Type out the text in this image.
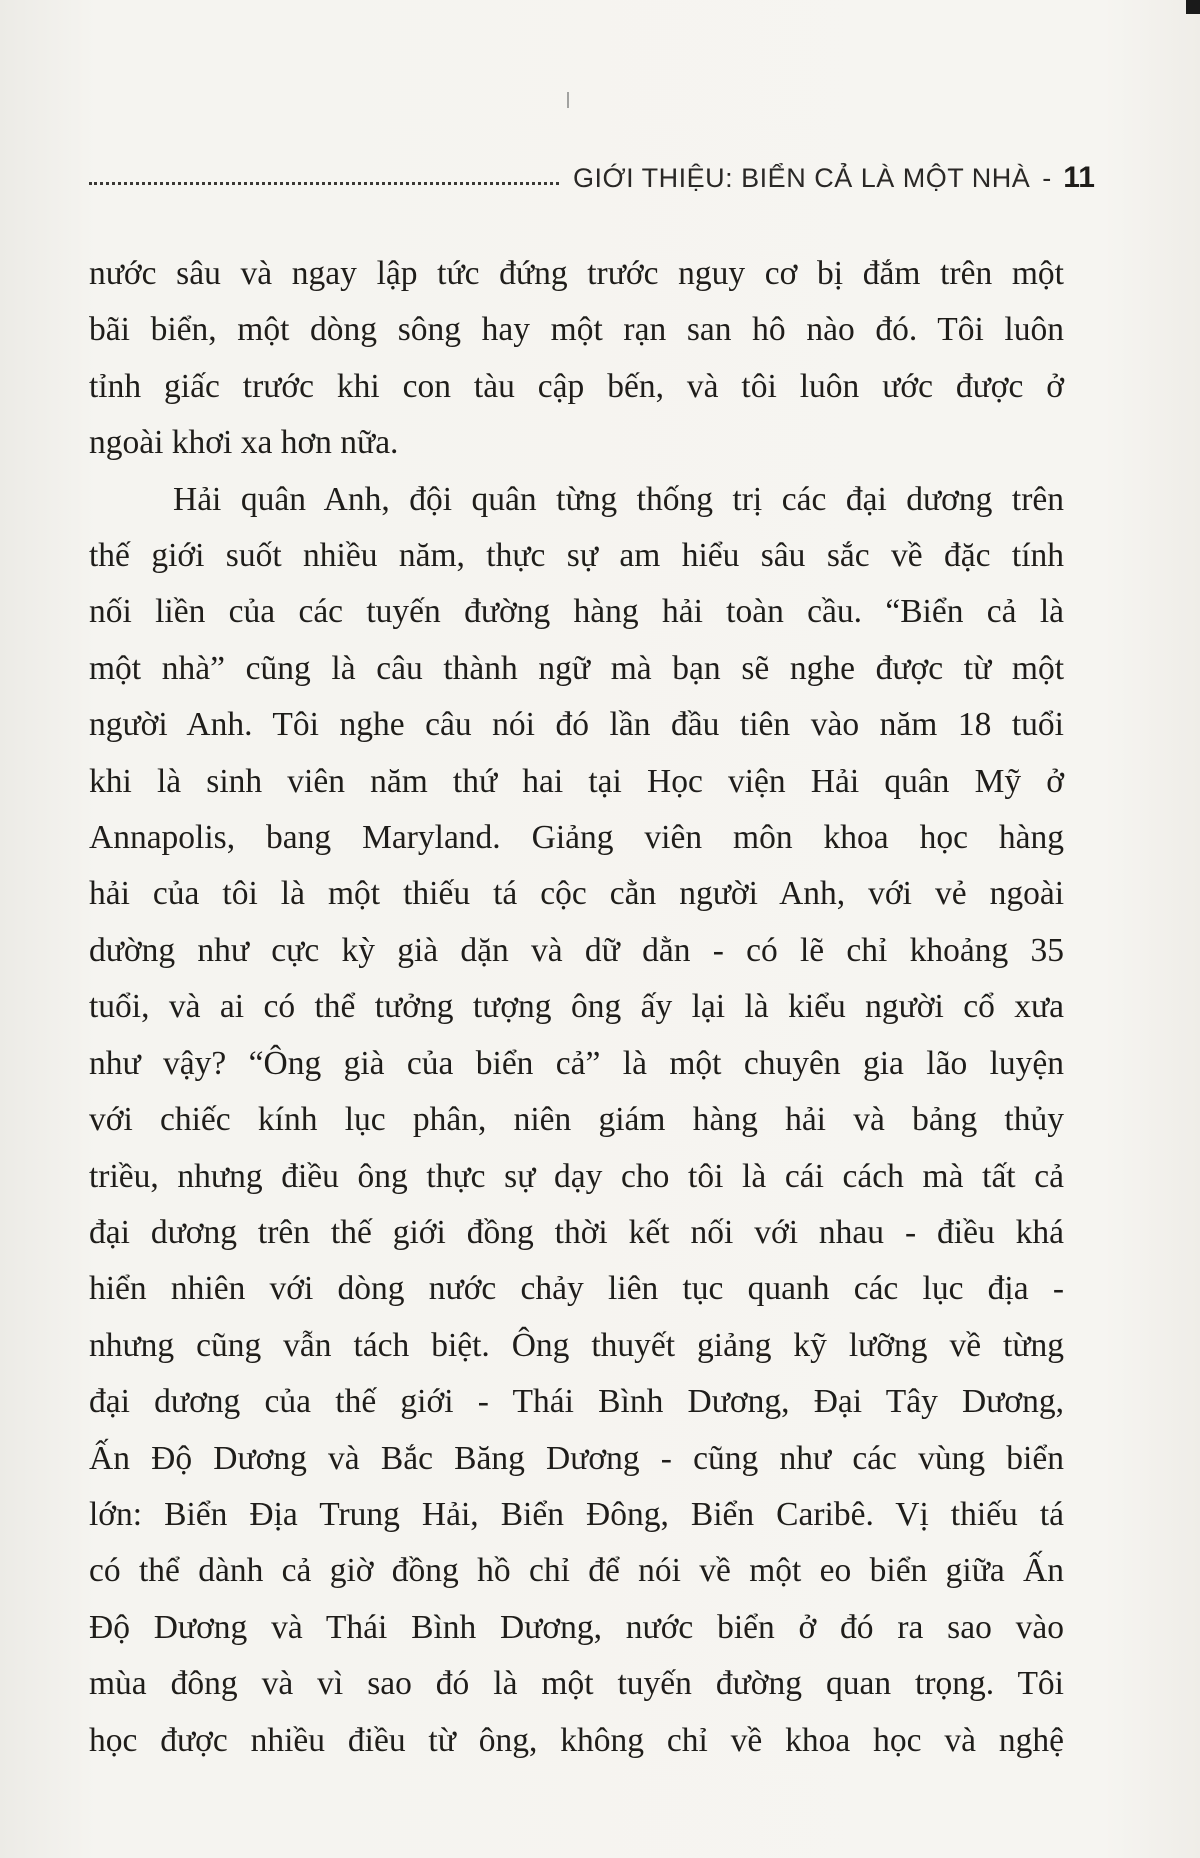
GIỚI THIỆU: BIỂN CẢ LÀ MỘT NHÀ - 11

nước sâu và ngay lập tức đứng trước nguy cơ bị đắm trên một

bãi biển, một dòng sông hay một rạn san hô nào đó. Tôi luôn

tỉnh giấc trước khi con tàu cập bến, và tôi luôn ước được ở

ngoài khơi xa hơn nữa.

Hải quân Anh, đội quân từng thống trị các đại dương trên

thế giới suốt nhiều năm, thực sự am hiểu sâu sắc về đặc tính

nối liền của các tuyến đường hàng hải toàn cầu. “Biển cả là

một nhà” cũng là câu thành ngữ mà bạn sẽ nghe được từ một

người Anh. Tôi nghe câu nói đó lần đầu tiên vào năm 18 tuổi

khi là sinh viên năm thứ hai tại Học viện Hải quân Mỹ ở

Annapolis, bang Maryland. Giảng viên môn khoa học hàng

hải của tôi là một thiếu tá cộc cằn người Anh, với vẻ ngoài

dường như cực kỳ già dặn và dữ dằn - có lẽ chỉ khoảng 35

tuổi, và ai có thể tưởng tượng ông ấy lại là kiểu người cổ xưa

như vậy? “Ông già của biển cả” là một chuyên gia lão luyện

với chiếc kính lục phân, niên giám hàng hải và bảng thủy

triều, nhưng điều ông thực sự dạy cho tôi là cái cách mà tất cả

đại dương trên thế giới đồng thời kết nối với nhau - điều khá

hiển nhiên với dòng nước chảy liên tục quanh các lục địa -

nhưng cũng vẫn tách biệt. Ông thuyết giảng kỹ lưỡng về từng

đại dương của thế giới - Thái Bình Dương, Đại Tây Dương,

Ấn Độ Dương và Bắc Băng Dương - cũng như các vùng biển

lớn: Biển Địa Trung Hải, Biển Đông, Biển Caribê. Vị thiếu tá

có thể dành cả giờ đồng hồ chỉ để nói về một eo biển giữa Ấn

Độ Dương và Thái Bình Dương, nước biển ở đó ra sao vào

mùa đông và vì sao đó là một tuyến đường quan trọng. Tôi

học được nhiều điều từ ông, không chỉ về khoa học và nghệ
